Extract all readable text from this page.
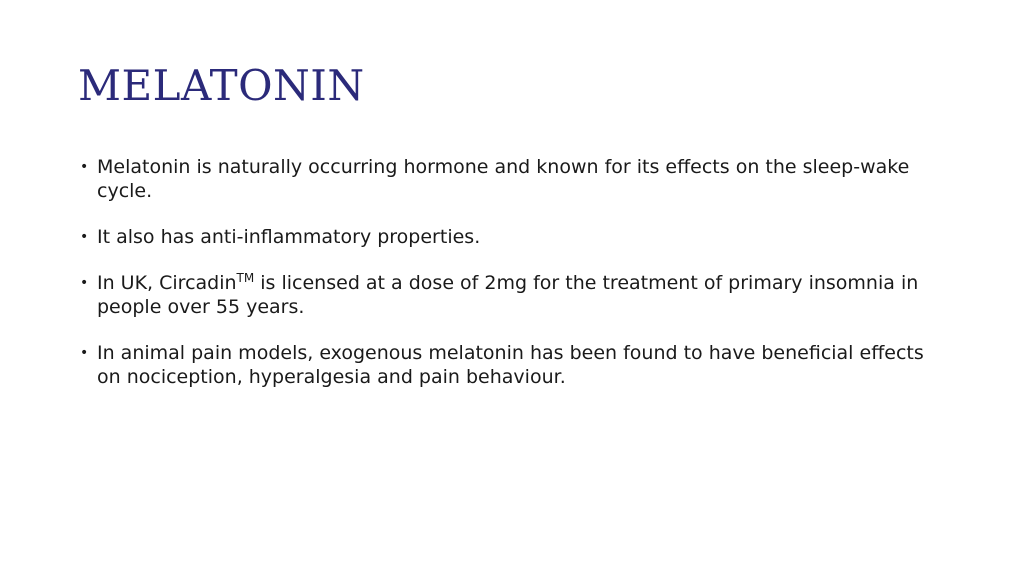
MELATONIN
• Melatonin is naturally occurring hormone and known for its effects on the sleep-wake cycle.
• It also has anti-inflammatory properties.
• In UK, Circadin™ is licensed at a dose of 2mg for the treatment of primary insomnia in people over 55 years.
• In animal pain models, exogenous melatonin has been found to have beneficial effects on nociception, hyperalgesia and pain behaviour.
